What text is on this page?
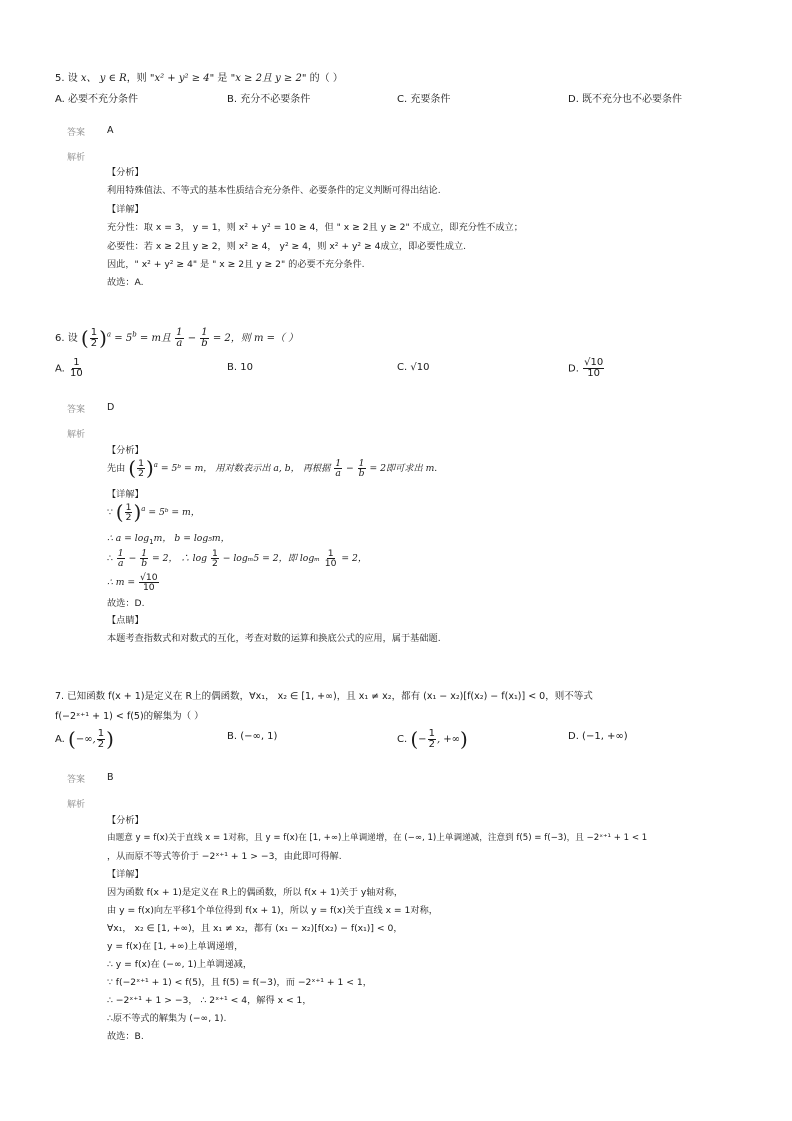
5. 设 x、 y ∈ R，则 "x² + y² ≥ 4" 是 "x ≥ 2且 y ≥ 2" 的（ ）
A. 必要不充分条件	B. 充分不必要条件	C. 充要条件	D. 既不充分也不必要条件
答案 A
解析
【分析】
利用特殊值法、不等式的基本性质结合充分条件、必要条件的定义判断可得出结论.
【详解】
充分性：取 x = 3， y = 1，则 x² + y² = 10 ≥ 4，但 " x ≥ 2且 y ≥ 2" 不成立，即充分性不成立；
必要性：若 x ≥ 2且 y ≥ 2，则 x² ≥ 4， y² ≥ 4，则 x² + y² ≥ 4成立，即必要性成立.
因此，" x² + y² ≥ 4" 是 " x ≥ 2且 y ≥ 2" 的必要不充分条件.
故选：A.
6. 设 ( $\frac{1}{2} )^a = 5^b = m$且 $\frac{1}{a} - \frac{1}{b} = 2$，则 m =（ ）
A. $\frac{1}{10}$	B. 10	C. √10	D. $\frac{√10}{10}$
答案 D
解析
【分析】
先由 ( $\frac{1}{2} )^a$ = 5ᵇ = m， 用对数表示出 a, b， 再根据 $\frac{1}{a} - \frac{1}{b} = 2$即可求出 m.
【详解】
∵ ( $\frac{1}{2} )^a$ = 5ᵇ = m，
∴ $a = \log_1m$， b = log₅m，
∴ $\frac{1}{a} - \frac{1}{b} = 2$， ∴ $\log \frac{1}{2} - \log_m5 = 2$，即 logₘ $\frac{1}{10} = 2$，
∴ $m = \frac{√10}{10}$
故选：D.
【点睛】
本题考查指数式和对数式的互化，考查对数的运算和换底公式的应用，属于基础题.
7. 已知函数 f(x + 1)是定义在 R上的偶函数，∀x₁， x₂ ∈ [1, +∞)，且 x₁ ≠ x₂，都有 (x₁ − x₂)[f(x₂) − f(x₁)] < 0，则不等式
f(−2ˣ⁺¹ + 1) < f(5)的解集为（ ）
A. (−∞, $\frac{1}{2}$ )	B. (−∞, 1)	C. (− $\frac{1}{2}$ , +∞)	D. (−1, +∞)
答案 B
解析
【分析】
由题意 y = f(x)关于直线 x = 1对称，且 y = f(x)在 [1, +∞)上单调递增，在 (−∞, 1)上单调递减，注意到 f(5) = f(−3)，且 −2ˣ⁺¹ + 1 < 1
，从而原不等式等价于 −2ˣ⁺¹ + 1 > −3，由此即可得解.
【详解】
因为函数 f(x + 1)是定义在 R上的偶函数，所以 f(x + 1)关于 y轴对称，
由 y = f(x)向左平移1个单位得到 f(x + 1)，所以 y = f(x)关于直线 x = 1对称，
∀x₁， x₂ ∈ [1, +∞)，且 x₁ ≠ x₂，都有 (x₁ − x₂)[f(x₂) − f(x₁)] < 0，
y = f(x)在 [1, +∞)上单调递增，
∴ y = f(x)在 (−∞, 1)上单调递减，
∵ f(−2ˣ⁺¹ + 1) < f(5)，且 f(5) = f(−3)，而 −2ˣ⁺¹ + 1 < 1，
∴ −2ˣ⁺¹ + 1 > −3， ∴ 2ˣ⁺¹ < 4，解得 x < 1，
∴原不等式的解集为 (−∞, 1).
故选：B.
